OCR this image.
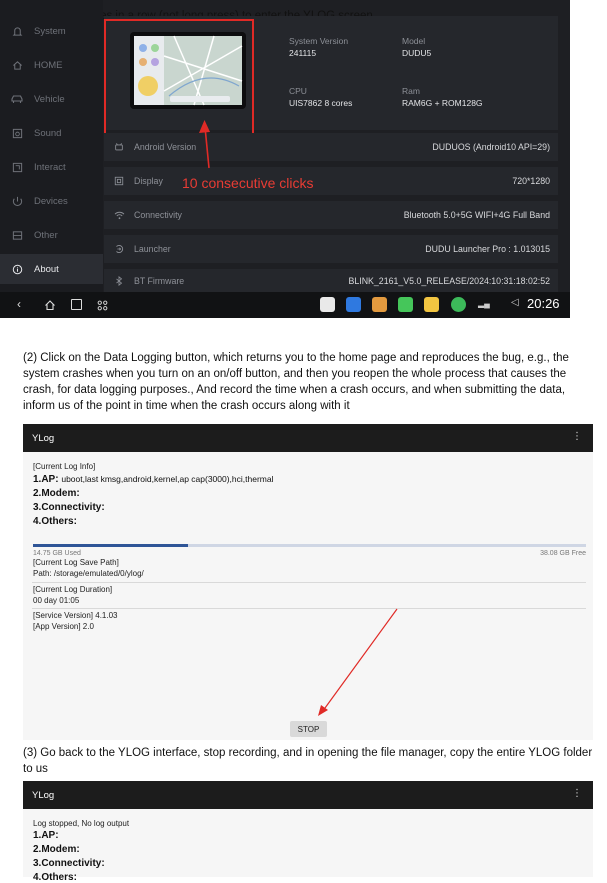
System
HOME
Vehicle
Sound
Interact
Devices
Other
About
System Version
241115
Model
DUDU5
CPU
UIS7862 8 cores
Ram
RAM6G + ROM128G
Android Version	DUDUOS (Android10 API=29)
Display	720*1280
Connectivity	Bluetooth 5.0+5G WIFI+4G Full Band
Launcher	DUDU Launcher Pro : 1.013015
BT Firmware	BLINK_2161_V5.0_RELEASE/2024:10:31:18:02:52
10 consecutive clicks
‹	▂▄ ◁ 20:26
(2) Click on the Data Logging button, which returns you to the home page and reproduces the bug, e.g., the system crashes when you turn on an on/off button, and then you reopen the whole process that causes the crash, for data logging purposes., And record the time when a crash occurs, and when submitting the data, inform us of the point in time when the crash occurs along with it
YLog	⋮
[Current Log Info]
1.AP: uboot,last kmsg,android,kernel,ap cap(3000),hci,thermal
2.Modem:
3.Connectivity:
4.Others:
14.75 GB Used	38.08 GB Free
[Current Log Save Path]
Path: /storage/emulated/0/ylog/
[Current Log Duration]
00 day 01:05
[Service Version] 4.1.03
[App Version] 2.0
STOP
(3) Go back to the YLOG interface, stop recording, and in opening the file manager, copy the entire YLOG folder to us
YLog	⋮
Log stopped, No log output
1.AP:
2.Modem:
3.Connectivity:
4.Others:
